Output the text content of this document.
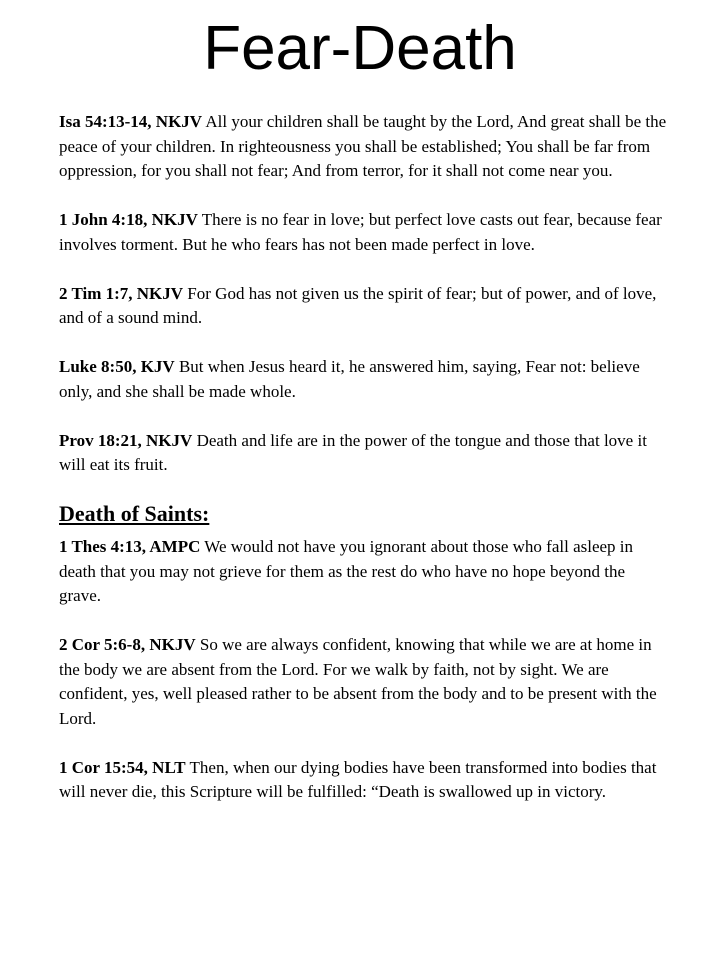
Fear-Death

Isa 54:13-14, NKJV All your children shall be taught by the Lord, And great shall be the peace of your children. In righteousness you shall be established; You shall be far from oppression, for you shall not fear; And from terror, for it shall not come near you.

1 John 4:18, NKJV There is no fear in love; but perfect love casts out fear, because fear involves torment. But he who fears has not been made perfect in love.

2 Tim 1:7, NKJV For God has not given us the spirit of fear; but of power, and of love, and of a sound mind.

Luke 8:50, KJV But when Jesus heard it, he answered him, saying, Fear not: believe only, and she shall be made whole.

Prov 18:21, NKJV Death and life are in the power of the tongue and those that love it will eat its fruit.

Death of Saints:

1 Thes 4:13, AMPC We would not have you ignorant about those who fall asleep in death that you may not grieve for them as the rest do who have no hope beyond the grave.

2 Cor 5:6-8, NKJV So we are always confident, knowing that while we are at home in the body we are absent from the Lord. For we walk by faith, not by sight. We are confident, yes, well pleased rather to be absent from the body and to be present with the Lord.

1 Cor 15:54, NLT Then, when our dying bodies have been transformed into bodies that will never die, this Scripture will be fulfilled: “Death is swallowed up in victory.
